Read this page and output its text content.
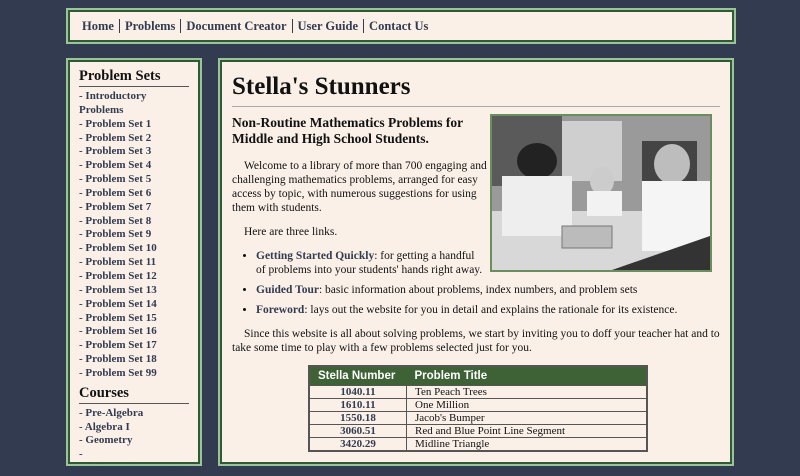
Home Problems Document Creator User Guide Contact Us
Problem Sets
- Introductory Problems
- Problem Set 1
- Problem Set 2
- Problem Set 3
- Problem Set 4
- Problem Set 5
- Problem Set 6
- Problem Set 7
- Problem Set 8
- Problem Set 9
- Problem Set 10
- Problem Set 11
- Problem Set 12
- Problem Set 13
- Problem Set 14
- Problem Set 15
- Problem Set 16
- Problem Set 17
- Problem Set 18
- Problem Set 99
Courses
- Pre-Algebra
- Algebra I
- Geometry
- Algebra/Trigonometry
Stella's Stunners
Non-Routine Mathematics Problems for Middle and High School Students.

Welcome to a library of more than 700 engaging and challenging mathematics problems, arranged for easy access by topic, with numerous suggestions for using them with students.

Here are three links.

• Getting Started Quickly: for getting a handful of problems into your students' hands right away.
• Guided Tour: basic information about problems, index numbers, and problem sets
• Foreword: lays out the website for you in detail and explains the rationale for its existence.

Since this website is all about solving problems, we start by inviting you to doff your teacher hat and to take some time to play with a few problems selected just for you.

Stella Number	Problem Title
1040.11	Ten Peach Trees
1610.11	One Million
1550.18	Jacob's Bumper
3060.51	Red and Blue Point Line Segment
3420.29	Midline Triangle
